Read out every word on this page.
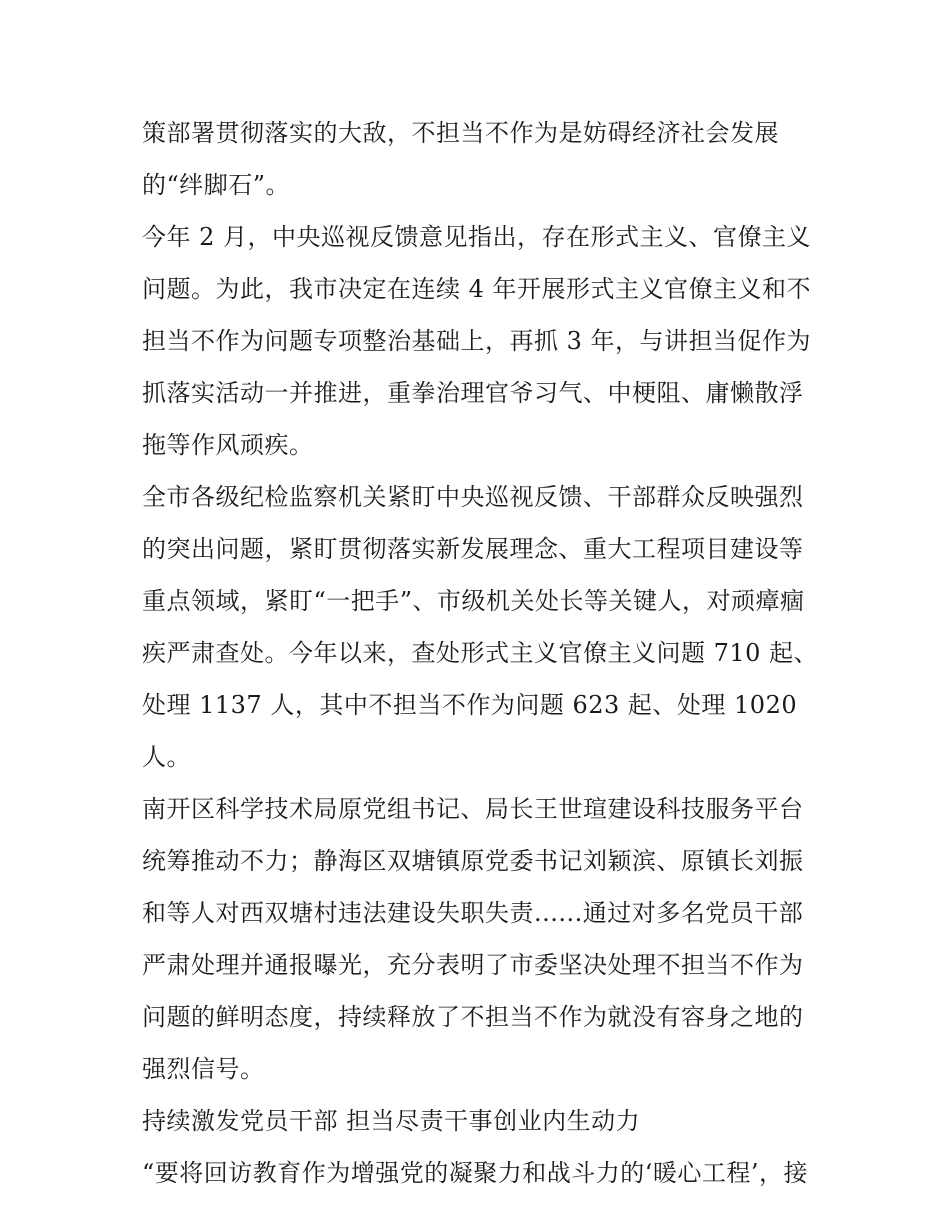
策部署贯彻落实的大敌，不担当不作为是妨碍经济社会发展
的“绊脚石”。
今年 2 月，中央巡视反馈意见指出，存在形式主义、官僚主义
问题。为此，我市决定在连续 4 年开展形式主义官僚主义和不
担当不作为问题专项整治基础上，再抓 3 年，与讲担当促作为
抓落实活动一并推进，重拳治理官爷习气、中梗阻、庸懒散浮
拖等作风顽疾。
全市各级纪检监察机关紧盯中央巡视反馈、干部群众反映强烈
的突出问题，紧盯贯彻落实新发展理念、重大工程项目建设等
重点领域，紧盯“一把手”、市级机关处长等关键人，对顽瘴痼
疾严肃查处。今年以来，查处形式主义官僚主义问题 710 起、
处理 1137 人，其中不担当不作为问题 623 起、处理 1020 人。
南开区科学技术局原党组书记、局长王世瑄建设科技服务平台
统筹推动不力；静海区双塘镇原党委书记刘颖滨、原镇长刘振
和等人对西双塘村违法建设失职失责......通过对多名党员干部
严肃处理并通报曝光，充分表明了市委坚决处理不担当不作为
问题的鲜明态度，持续释放了不担当不作为就没有容身之地的
强烈信号。
持续激发党员干部 担当尽责干事创业内生动力
“要将回访教育作为增强党的凝聚力和战斗力的‘暖心工程’，接
